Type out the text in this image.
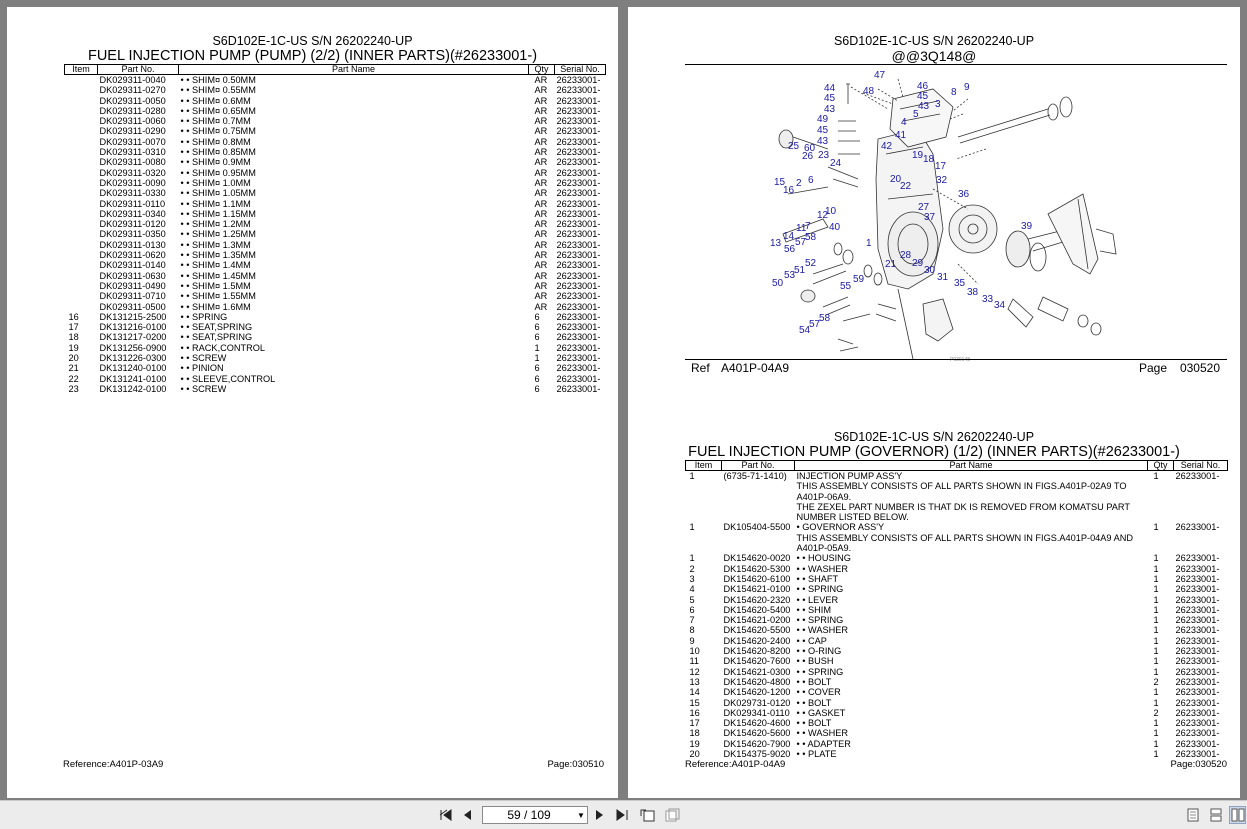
S6D102E-1C-US S/N 26202240-UP
FUEL INJECTION PUMP (PUMP) (2/2) (INNER PARTS)(#26233001-)
Item	Part No.	Part Name	Qty	Serial No.
	DK029311-0040	• • SHIM¤ 0.50MM	AR	26233001-
	DK029311-0270	• • SHIM¤ 0.55MM	AR	26233001-
	DK029311-0050	• • SHIM¤ 0.6MM	AR	26233001-
	DK029311-0280	• • SHIM¤ 0.65MM	AR	26233001-
	DK029311-0060	• • SHIM¤ 0.7MM	AR	26233001-
	DK029311-0290	• • SHIM¤ 0.75MM	AR	26233001-
	DK029311-0070	• • SHIM¤ 0.8MM	AR	26233001-
	DK029311-0310	• • SHIM¤ 0.85MM	AR	26233001-
	DK029311-0080	• • SHIM¤ 0.9MM	AR	26233001-
	DK029311-0320	• • SHIM¤ 0.95MM	AR	26233001-
	DK029311-0090	• • SHIM¤ 1.0MM	AR	26233001-
	DK029311-0330	• • SHIM¤ 1.05MM	AR	26233001-
	DK029311-0110	• • SHIM¤ 1.1MM	AR	26233001-
	DK029311-0340	• • SHIM¤ 1.15MM	AR	26233001-
	DK029311-0120	• • SHIM¤ 1.2MM	AR	26233001-
	DK029311-0350	• • SHIM¤ 1.25MM	AR	26233001-
	DK029311-0130	• • SHIM¤ 1.3MM	AR	26233001-
	DK029311-0620	• • SHIM¤ 1.35MM	AR	26233001-
	DK029311-0140	• • SHIM¤ 1.4MM	AR	26233001-
	DK029311-0630	• • SHIM¤ 1.45MM	AR	26233001-
	DK029311-0490	• • SHIM¤ 1.5MM	AR	26233001-
	DK029311-0710	• • SHIM¤ 1.55MM	AR	26233001-
	DK029311-0500	• • SHIM¤ 1.6MM	AR	26233001-
16	DK131215-2500	• • SPRING	6	26233001-
17	DK131216-0100	• • SEAT,SPRING	6	26233001-
18	DK131217-0200	• • SEAT,SPRING	6	26233001-
19	DK131256-0900	• • RACK,CONTROL	1	26233001-
20	DK131226-0300	• • SCREW	1	26233001-
21	DK131240-0100	• • PINION	6	26233001-
22	DK131241-0100	• • SLEEVE,CONTROL	6	26233001-
23	DK131242-0100	• • SCREW	6	26233001-
Reference:A401P-03A9	Page:030510
S6D102E-1C-US S/N 26202240-UP
@@3Q148@
47
44	48
45
43
49
45
43
46
45
43
8 9
3
5
4
41
42
25
26
60
23
24
6
2
15
16
19 18
17
20
22
32
36
27
37
10
12
7
11 40
14
57
58
13
56
1
28
29
21
30
31
52
51
53
50	59
55	35
38
33
34
39
58
57
54
P030148
Ref A401P-04A9	Page 030520
S6D102E-1C-US S/N 26202240-UP
FUEL INJECTION PUMP (GOVERNOR) (1/2) (INNER PARTS)(#26233001-)
Item	Part No.	Part Name	Qty	Serial No.
1	(6735-71-1410)	INJECTION PUMP ASS'Y	1	26233001-
		THIS ASSEMBLY CONSISTS OF ALL PARTS SHOWN IN FIGS.A401P-02A9 TO A401P-06A9.		
		THE ZEXEL PART NUMBER IS THAT DK IS REMOVED FROM KOMATSU PART NUMBER LISTED BELOW.		
1	DK105404-5500	• GOVERNOR ASS'Y	1	26233001-
		THIS ASSEMBLY CONSISTS OF ALL PARTS SHOWN IN FIGS.A401P-04A9 AND A401P-05A9.		
1	DK154620-0020	• • HOUSING	1	26233001-
2	DK154620-5300	• • WASHER	1	26233001-
3	DK154620-6100	• • SHAFT	1	26233001-
4	DK154621-0100	• • SPRING	1	26233001-
5	DK154620-2320	• • LEVER	1	26233001-
6	DK154620-5400	• • SHIM	1	26233001-
7	DK154621-0200	• • SPRING	1	26233001-
8	DK154620-5500	• • WASHER	1	26233001-
9	DK154620-2400	• • CAP	1	26233001-
10	DK154620-8200	• • O-RING	1	26233001-
11	DK154620-7600	• • BUSH	1	26233001-
12	DK154621-0300	• • SPRING	1	26233001-
13	DK154620-4800	• • BOLT	2	26233001-
14	DK154620-1200	• • COVER	1	26233001-
15	DK029731-0120	• • BOLT	1	26233001-
16	DK029341-0110	• • GASKET	2	26233001-
17	DK154620-4600	• • BOLT	1	26233001-
18	DK154620-5600	• • WASHER	1	26233001-
19	DK154620-7900	• • ADAPTER	1	26233001-
20	DK154375-9020	• • PLATE	1	26233001-
Reference:A401P-04A9	Page:030520
59 / 109	▼
